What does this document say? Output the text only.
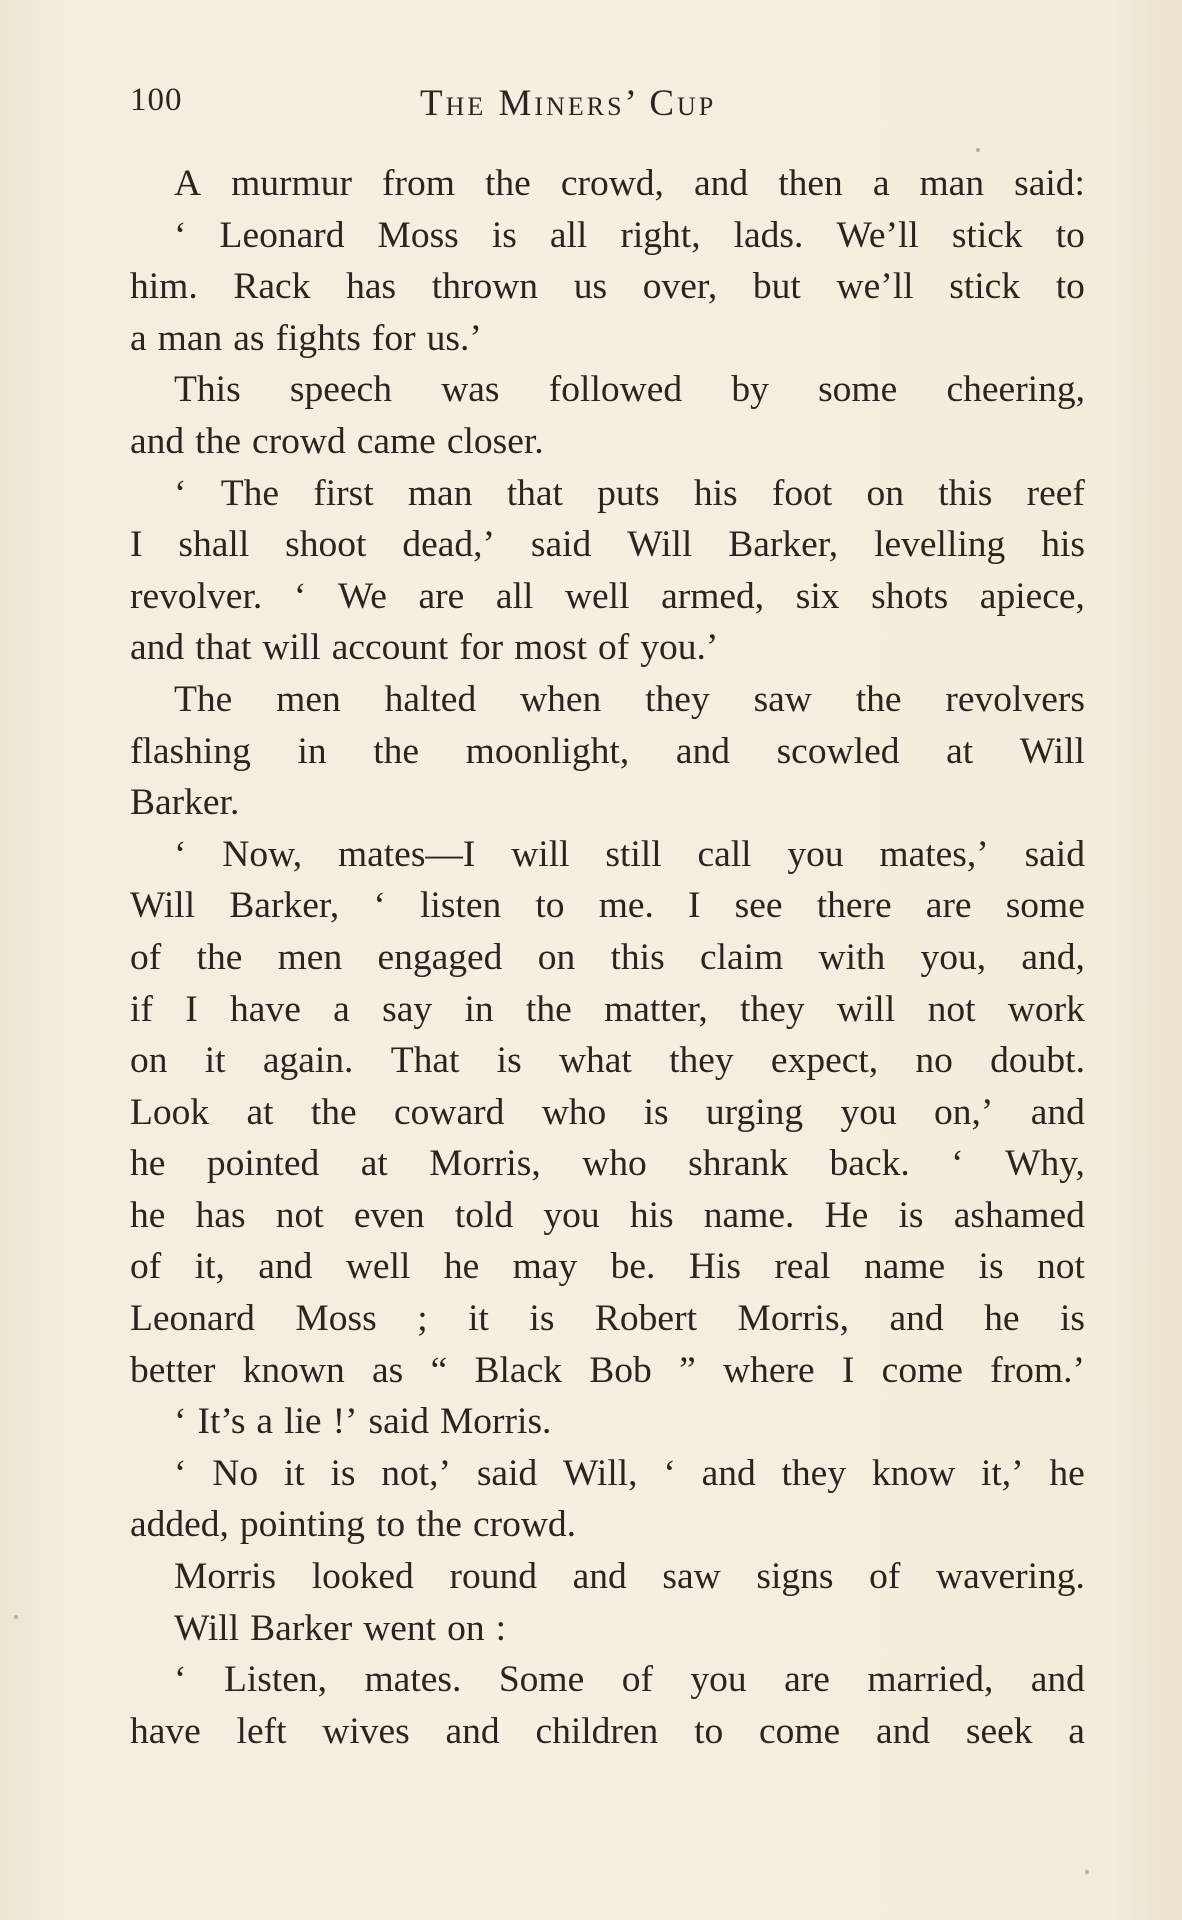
100	The Miners’ Cup
A murmur from the crowd, and then a man said:
‘ Leonard Moss is all right, lads. We’ll stick to
him. Rack has thrown us over, but we’ll stick to
a man as fights for us.’
This speech was followed by some cheering,
and the crowd came closer.
‘ The first man that puts his foot on this reef
I shall shoot dead,’ said Will Barker, levelling his
revolver. ‘ We are all well armed, six shots apiece,
and that will account for most of you.’
The men halted when they saw the revolvers
flashing in the moonlight, and scowled at Will
Barker.
‘ Now, mates—I will still call you mates,’ said
Will Barker, ‘ listen to me. I see there are some
of the men engaged on this claim with you, and,
if I have a say in the matter, they will not work
on it again. That is what they expect, no doubt.
Look at the coward who is urging you on,’ and
he pointed at Morris, who shrank back. ‘ Why,
he has not even told you his name. He is ashamed
of it, and well he may be. His real name is not
Leonard Moss ; it is Robert Morris, and he is
better known as “ Black Bob ” where I come from.’
‘ It’s a lie !’ said Morris.
‘ No it is not,’ said Will, ‘ and they know it,’ he
added, pointing to the crowd.
Morris looked round and saw signs of wavering.
Will Barker went on :
‘ Listen, mates. Some of you are married, and
have left wives and children to come and seek a
